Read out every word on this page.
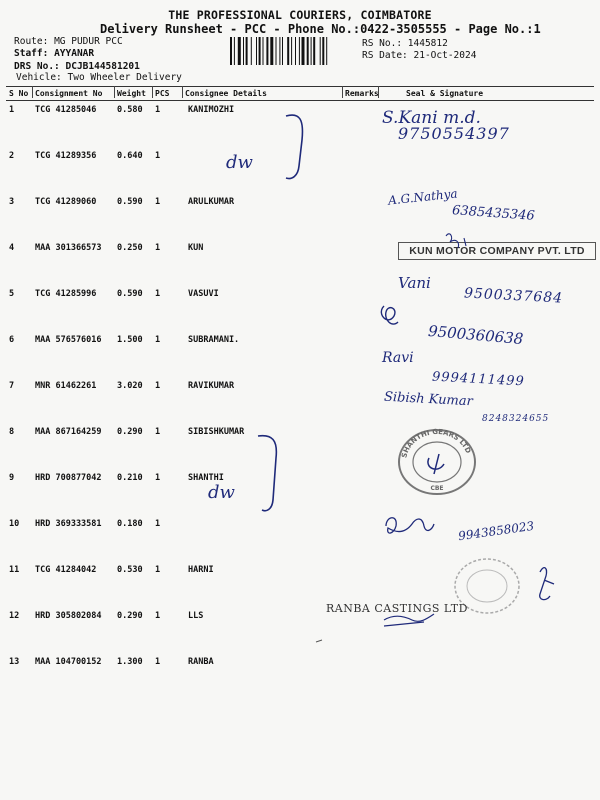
THE PROFESSIONAL COURIERS, COIMBATORE
Delivery Runsheet - PCC - Phone No.:0422-3505555 - Page No.:1
Route: MG PUDUR PCC
Staff: AYYANAR
DRS No.: DCJB144581201
Vehicle: Two Wheeler Delivery
RS No.: 1445812
RS Date: 21-Oct-2024
S No	Consignment No	Weight	PCS	Consignee Details	Remarks	Seal & Signature
1	TCG 41285046	0.580	1	KANIMOZHI		
2	TCG 41289356	0.640	1			
3	TCG 41289060	0.590	1	ARULKUMAR		
4	MAA 301366573	0.250	1	KUN		
5	TCG 41285996	0.590	1	VASUVI		
6	MAA 576576016	1.500	1	SUBRAMANI.		
7	MNR 61462261	3.020	1	RAVIKUMAR		
8	MAA 867164259	0.290	1	SIBISHKUMAR		
9	HRD 700877042	0.210	1	SHANTHI		
10	HRD 369333581	0.180	1			
11	TCG 41284042	0.530	1	HARNI		
12	HRD 305802084	0.290	1	LLS		
13	MAA 104700152	1.300	1	RANBA		
S.Kani m.d.
9750554397
A.G.Nathya
6385435346
KUN MOTOR COMPANY PVT. LTD
Vani
9500337684
9500360638
Ravi
9994111499
Sibish Kumar
8248324655
9943858023
SHANTHI GEARS LTD
CBE
RANBA CASTINGS LTD
dw
dw
